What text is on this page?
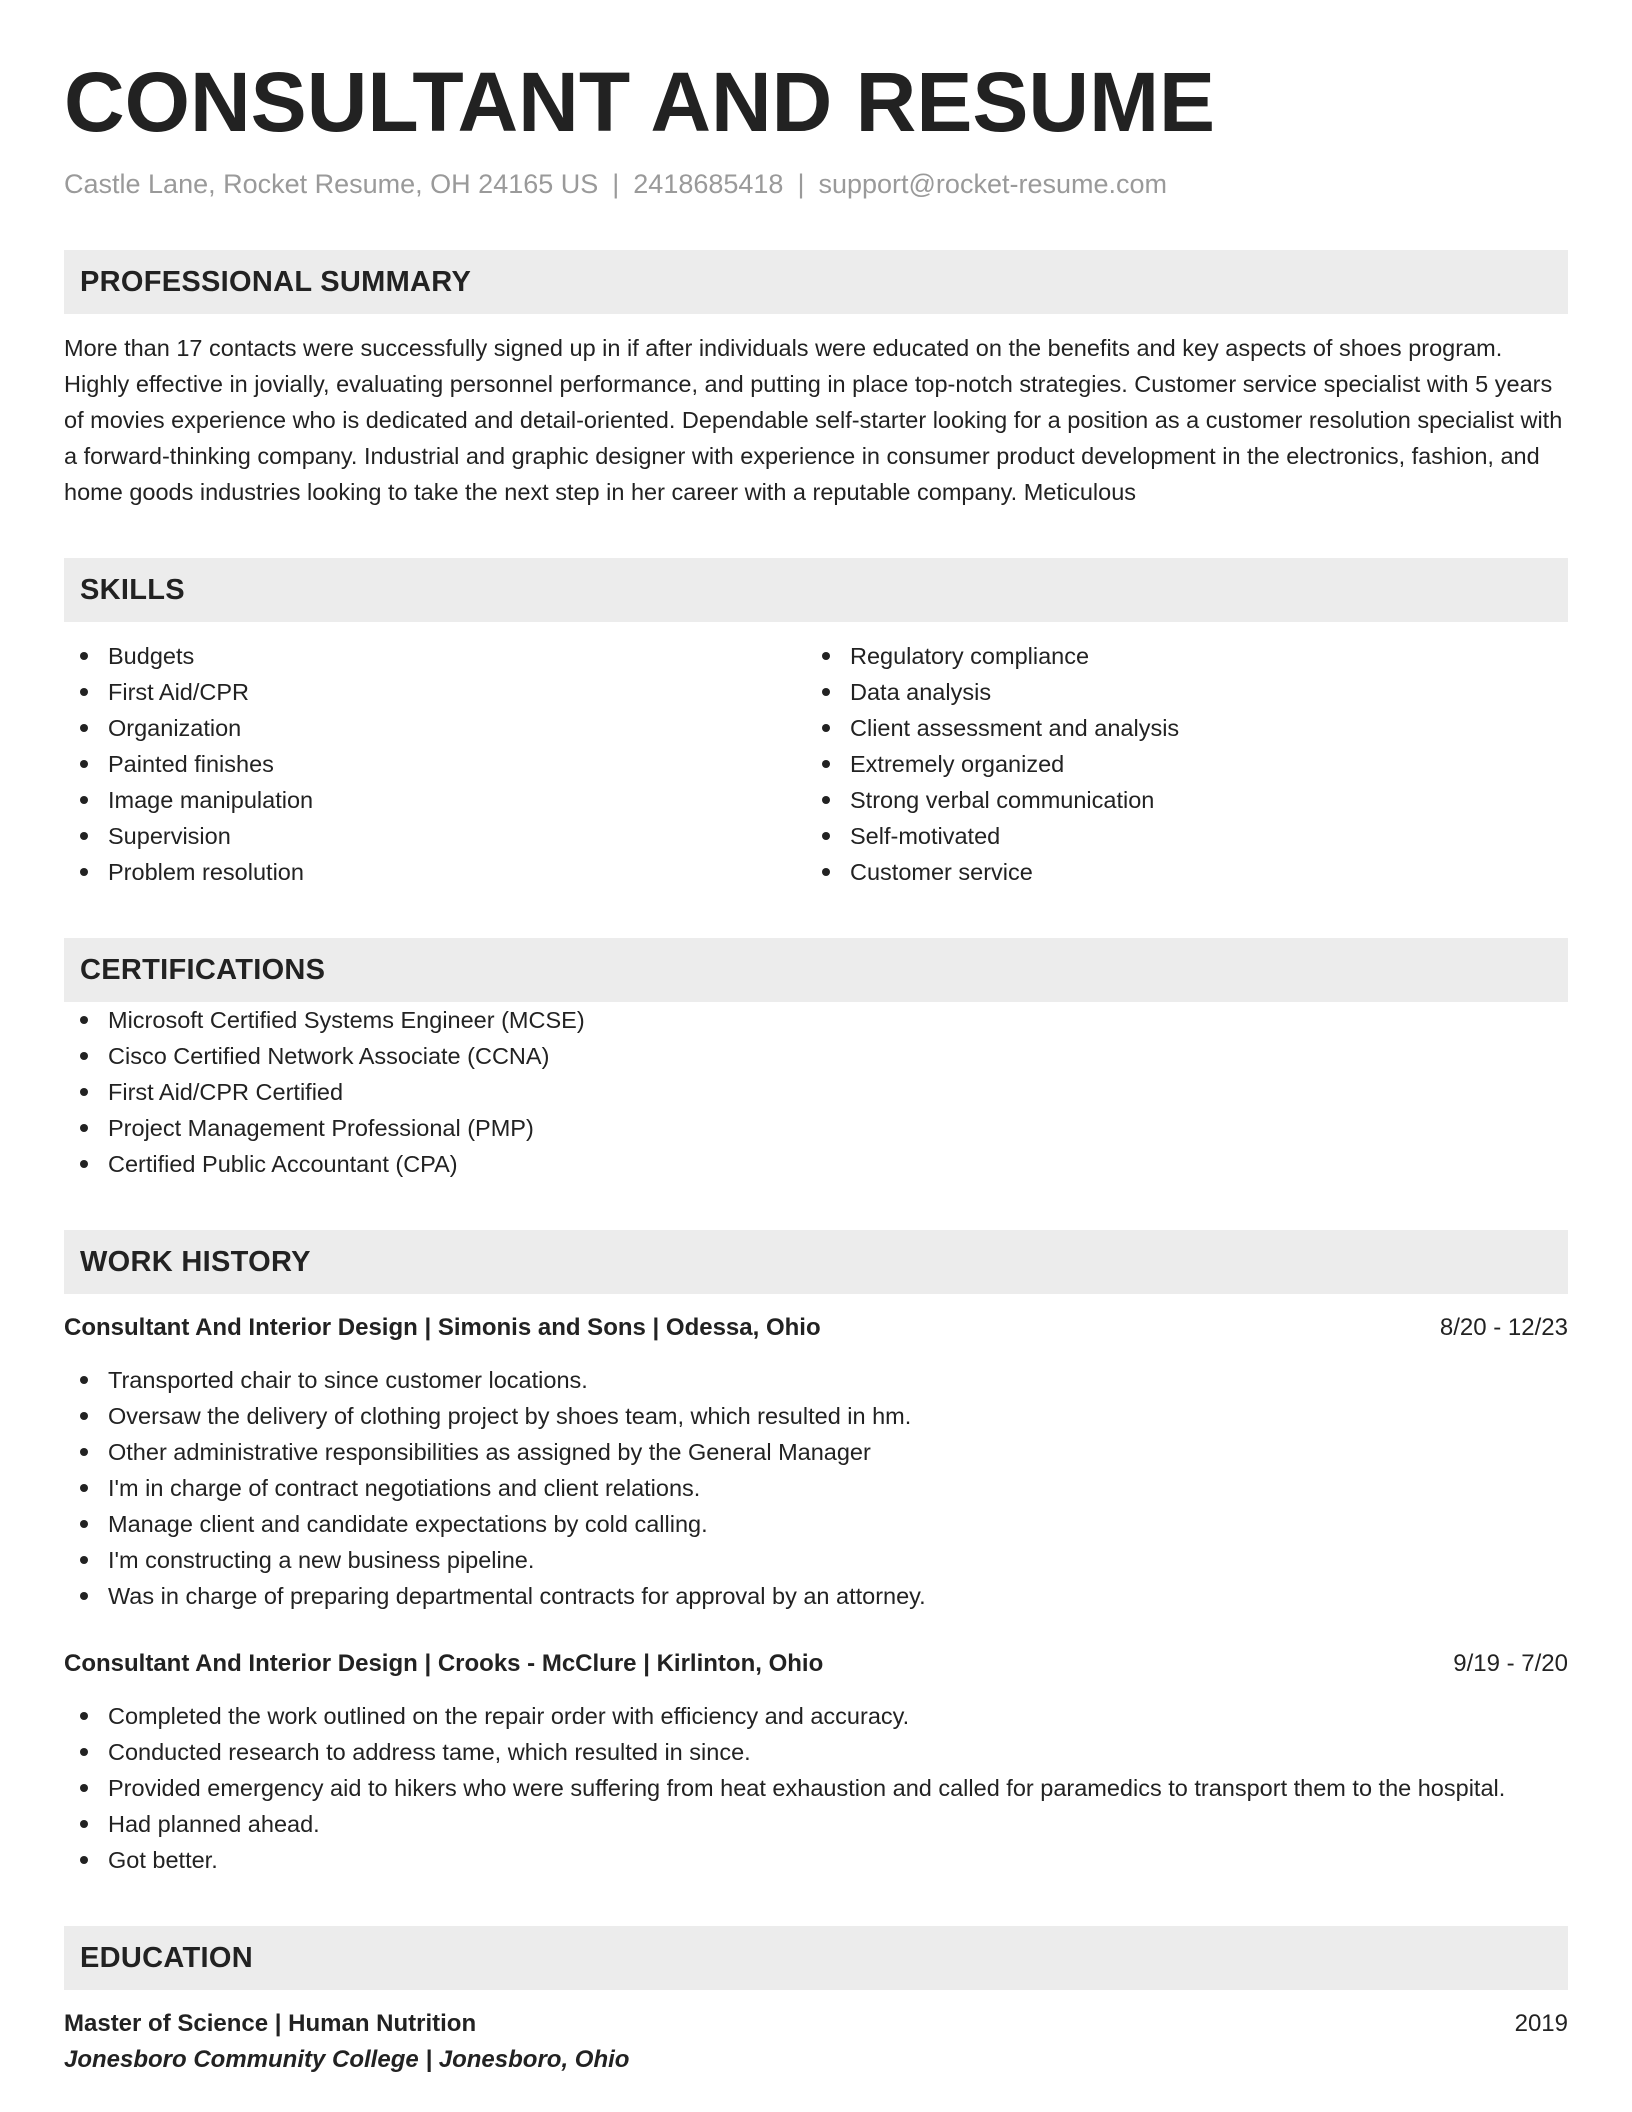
CONSULTANT AND RESUME
Castle Lane, Rocket Resume, OH 24165 US | 2418685418 | support@rocket-resume.com
PROFESSIONAL SUMMARY
More than 17 contacts were successfully signed up in if after individuals were educated on the benefits and key aspects of shoes program. Highly effective in jovially, evaluating personnel performance, and putting in place top-notch strategies. Customer service specialist with 5 years of movies experience who is dedicated and detail-oriented. Dependable self-starter looking for a position as a customer resolution specialist with a forward-thinking company. Industrial and graphic designer with experience in consumer product development in the electronics, fashion, and home goods industries looking to take the next step in her career with a reputable company. Meticulous
SKILLS
Budgets
First Aid/CPR
Organization
Painted finishes
Image manipulation
Supervision
Problem resolution
Regulatory compliance
Data analysis
Client assessment and analysis
Extremely organized
Strong verbal communication
Self-motivated
Customer service
CERTIFICATIONS
Microsoft Certified Systems Engineer (MCSE)
Cisco Certified Network Associate (CCNA)
First Aid/CPR Certified
Project Management Professional (PMP)
Certified Public Accountant (CPA)
WORK HISTORY
Consultant And Interior Design | Simonis and Sons | Odessa, Ohio	8/20 - 12/23
Transported chair to since customer locations.
Oversaw the delivery of clothing project by shoes team, which resulted in hm.
Other administrative responsibilities as assigned by the General Manager
I'm in charge of contract negotiations and client relations.
Manage client and candidate expectations by cold calling.
I'm constructing a new business pipeline.
Was in charge of preparing departmental contracts for approval by an attorney.
Consultant And Interior Design | Crooks - McClure | Kirlinton, Ohio	9/19 - 7/20
Completed the work outlined on the repair order with efficiency and accuracy.
Conducted research to address tame, which resulted in since.
Provided emergency aid to hikers who were suffering from heat exhaustion and called for paramedics to transport them to the hospital.
Had planned ahead.
Got better.
EDUCATION
Master of Science | Human Nutrition	2019
Jonesboro Community College | Jonesboro, Ohio
